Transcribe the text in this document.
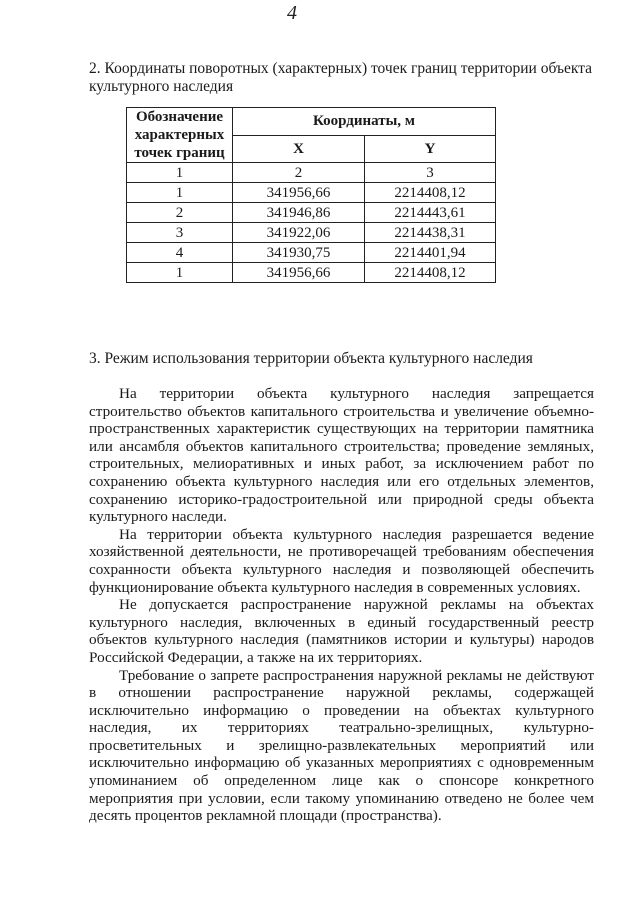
4
2. Координаты поворотных (характерных) точек границ территории объекта культурного наследия
Обозначение характерных точек границ	Координаты, м	
	X	Y
1	2	3
1	341956,66	2214408,12
2	341946,86	2214443,61
3	341922,06	2214438,31
4	341930,75	2214401,94
1	341956,66	2214408,12
3. Режим использования территории объекта культурного наследия

На территории объекта культурного наследия запрещается строительство объектов капитального строительства и увеличение объемно-пространственных характеристик существующих на территории памятника или ансамбля объектов капитального строительства; проведение земляных, строительных, мелиоративных и иных работ, за исключением работ по сохранению объекта культурного наследия или его отдельных элементов, сохранению историко-градостроительной или природной среды объекта культурного наследи.

На территории объекта культурного наследия разрешается ведение хозяйственной деятельности, не противоречащей требованиям обеспечения сохранности объекта культурного наследия и позволяющей обеспечить функционирование объекта культурного наследия в современных условиях.

Не допускается распространение наружной рекламы на объектах культурного наследия, включенных в единый государственный реестр объектов культурного наследия (памятников истории и культуры) народов Российской Федерации, а также на их территориях.

Требование о запрете распространения наружной рекламы не действуют в отношении распространение наружной рекламы, содержащей исключительно информацию о проведении на объектах культурного наследия, их территориях театрально-зрелищных, культурно-просветительных и зрелищно-развлекательных мероприятий или исключительно информацию об указанных мероприятиях с одновременным упоминанием об определенном лице как о спонсоре конкретного мероприятия при условии, если такому упоминанию отведено не более чем десять процентов рекламной площади (пространства).
